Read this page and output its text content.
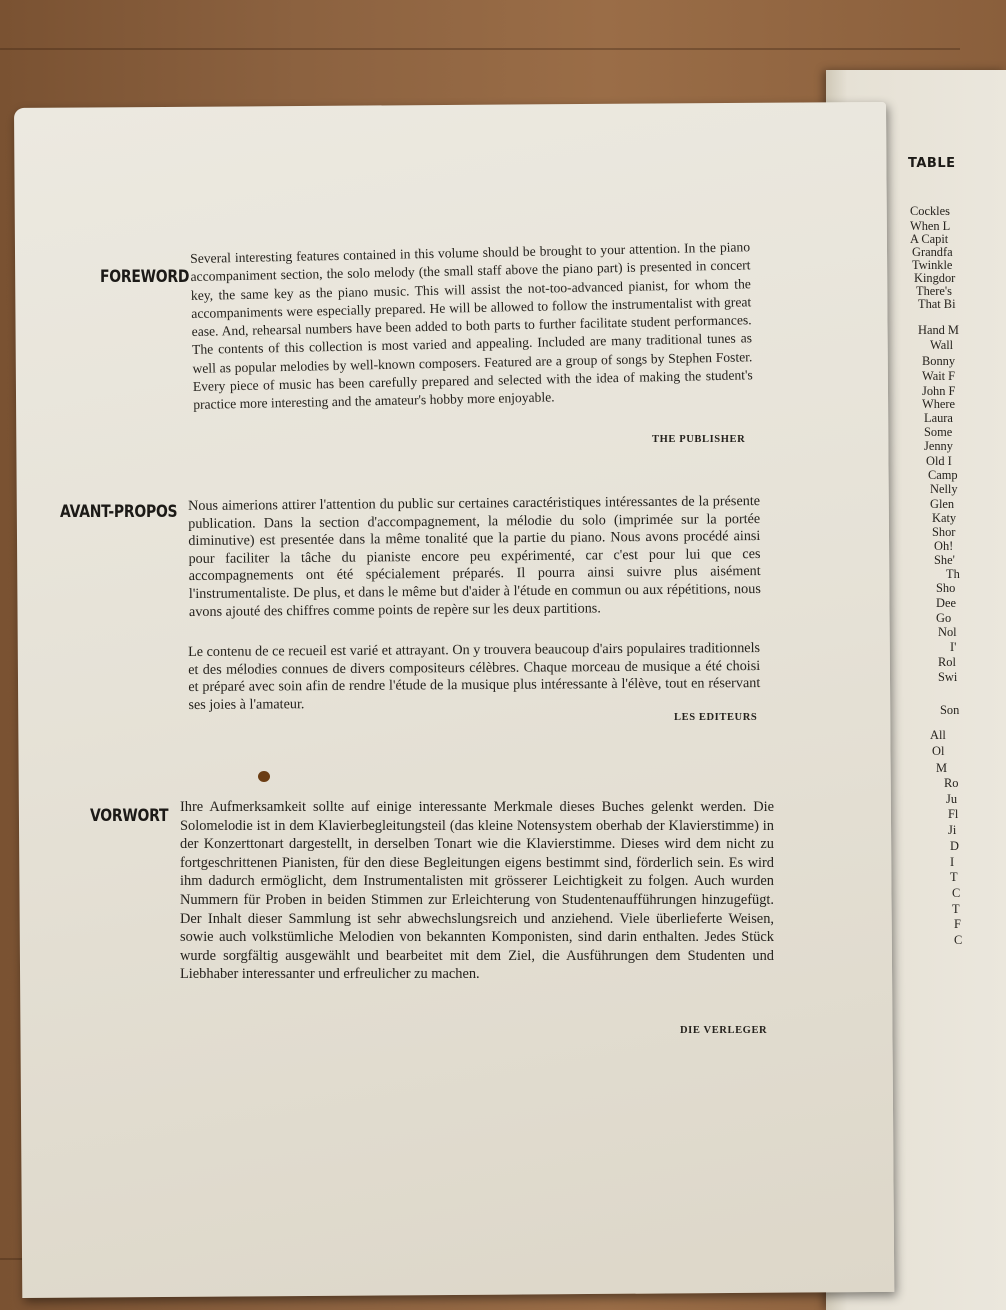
FOREWORD
Several interesting features contained in this volume should be brought to your attention. In the piano accompaniment section, the solo melody (the small staff above the piano part) is presented in concert key, the same key as the piano music. This will assist the not-too-advanced pianist, for whom the accompaniments were especially prepared. He will be allowed to follow the instrumentalist with great ease. And, rehearsal numbers have been added to both parts to further facilitate student performances. The contents of this collection is most varied and appealing. Included are many traditional tunes as well as popular melodies by well-known composers. Featured are a group of songs by Stephen Foster. Every piece of music has been carefully prepared and selected with the idea of making the student's practice more interesting and the amateur's hobby more enjoyable.
THE PUBLISHER
AVANT-PROPOS Nous aimerions attirer l'attention du public sur certaines caractéristiques intéressantes de la présente publication. Dans la section d'accompagnement, la mélodie du solo (imprimée sur la portée diminutive) est presentée dans la même tonalité que la partie du piano. Nous avons procédé ainsi pour faciliter la tâche du pianiste encore peu expérimenté, car c'est pour lui que ces accompagnements ont été spécialement préparés. Il pourra ainsi suivre plus aisément l'instrumentaliste. De plus, et dans le même but d'aider à l'étude en commun ou aux répétitions, nous avons ajouté des chiffres comme points de repère sur les deux partitions.
Le contenu de ce recueil est varié et attrayant. On y trouvera beaucoup d'airs populaires traditionnels et des mélodies connues de divers compositeurs célèbres. Chaque morceau de musique a été choisi et préparé avec soin afin de rendre l'étude de la musique plus intéressante à l'élève, tout en réservant ses joies à l'amateur.
LES EDITEURS
VORWORT Ihre Aufmerksamkeit sollte auf einige interessante Merkmale dieses Buches gelenkt werden. Die Solomelodie ist in dem Klavierbegleitungsteil (das kleine Notensystem oberhab der Klavierstimme) in der Konzerttonart dargestellt, in derselben Tonart wie die Klavierstimme. Dieses wird dem nicht zu fortgeschrittenen Pianisten, für den diese Begleitungen eigens bestimmt sind, förderlich sein. Es wird ihm dadurch ermöglicht, dem Instrumentalisten mit grösserer Leichtigkeit zu folgen. Auch wurden Nummern für Proben in beiden Stimmen zur Erleichterung von Studentenaufführungen hinzugefügt. Der Inhalt dieser Sammlung ist sehr abwechslungsreich und anziehend. Viele überlieferte Weisen, sowie auch volkstümliche Melodien von bekannten Komponisten, sind darin enthalten. Jedes Stück wurde sorgfältig ausgewählt und bearbeitet mit dem Ziel, die Ausführungen dem Studenten und Liebhaber interessanter und erfreulicher zu machen.
DIE VERLEGER
TABLE
Cockles
When L
A Capit
Grandfa
Twinkle
Kingdor
There's
That Bi
Hand M
Wall
Bonny
Wait F
John F
Where
Laura
Some
Jenny
Old I
Camp
Nelly
Glen
Katy
Shor
Oh!
She'
Th
Sho
Dee
Go
Nol
I'
Rol
Swi
Son
All
Ol
M
Ro
Ju
Fl
Ji
D
I
T
C
T
F
C
